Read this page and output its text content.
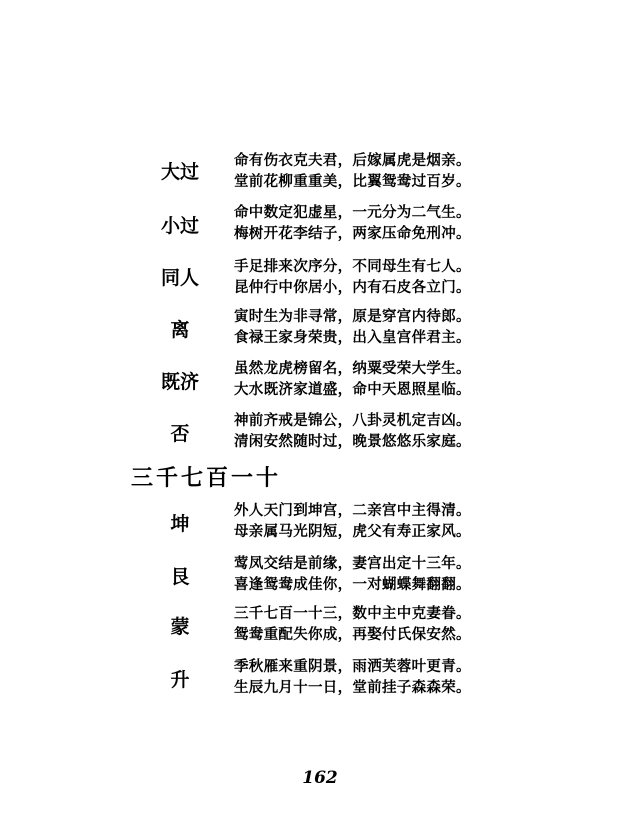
大过
命有伤衣克夫君，后嫁属虎是烟亲。
堂前花柳重重美，比翼鸳鸯过百岁。
小过
命中数定犯虚星，一元分为二气生。
梅树开花李结子，两家压命免刑冲。
同人
手足排来次序分，不同母生有七人。
昆仲行中你居小，内有石皮各立门。
离
寅时生为非寻常，原是穿宫内待郎。
食禄王家身荣贵，出入皇宫伴君主。
既济
虽然龙虎榜留名，纳粟受荣大学生。
大水既济家道盛，命中天恩照星临。
否
神前齐戒是锦公，八卦灵机定吉凶。
清闲安然随时过，晚景悠悠乐家庭。
三千七百一十
坤
外人天门到坤宫，二亲宫中主得清。
母亲属马光阴短，虎父有寿正家风。
艮
莺凤交结是前缘，妻宫出定十三年。
喜逢鸳鸯成佳你，一对蝴蝶舞翻翻。
蒙
三千七百一十三，数中主中克妻眷。
鸳鸯重配失你成，再娶付氏保安然。
升
季秋雁来重阴景，雨洒芙蓉叶更青。
生辰九月十一日，堂前挂子森森荣。
162
